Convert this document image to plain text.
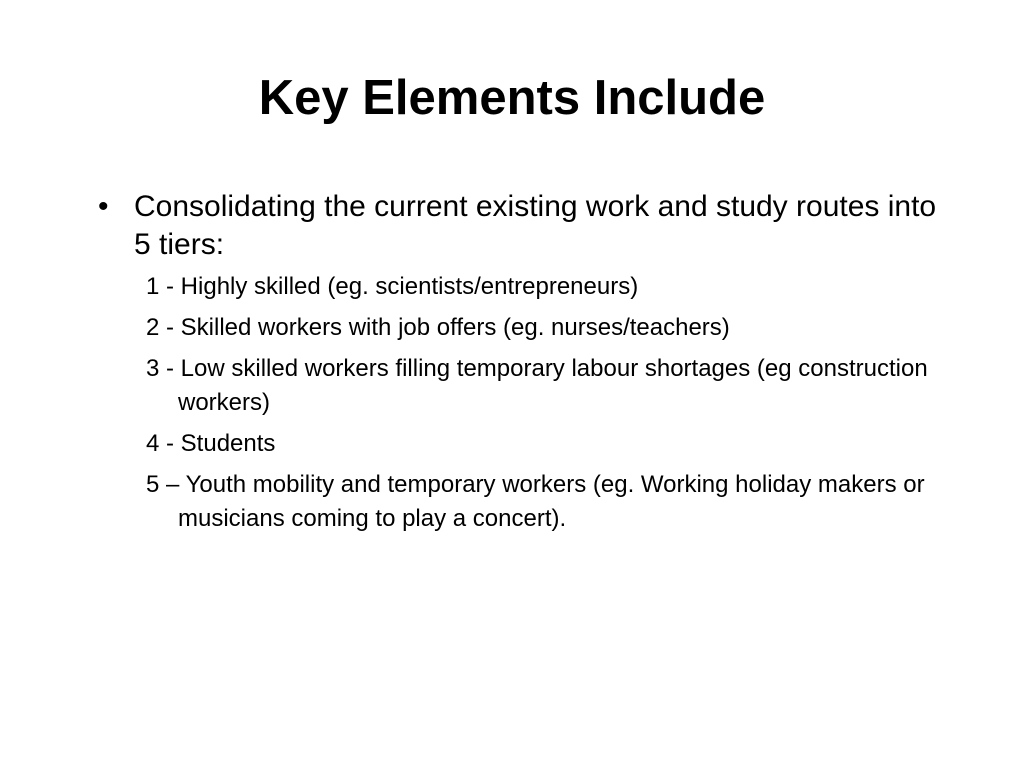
Key Elements Include
• Consolidating the current existing work and study routes into 5 tiers:
1 - Highly skilled (eg. scientists/entrepreneurs)
2 - Skilled workers with job offers (eg. nurses/teachers)
3 - Low skilled workers filling temporary labour shortages (eg construction workers)
4 - Students
5 – Youth mobility and temporary workers (eg. Working holiday makers or musicians coming to play a concert).
